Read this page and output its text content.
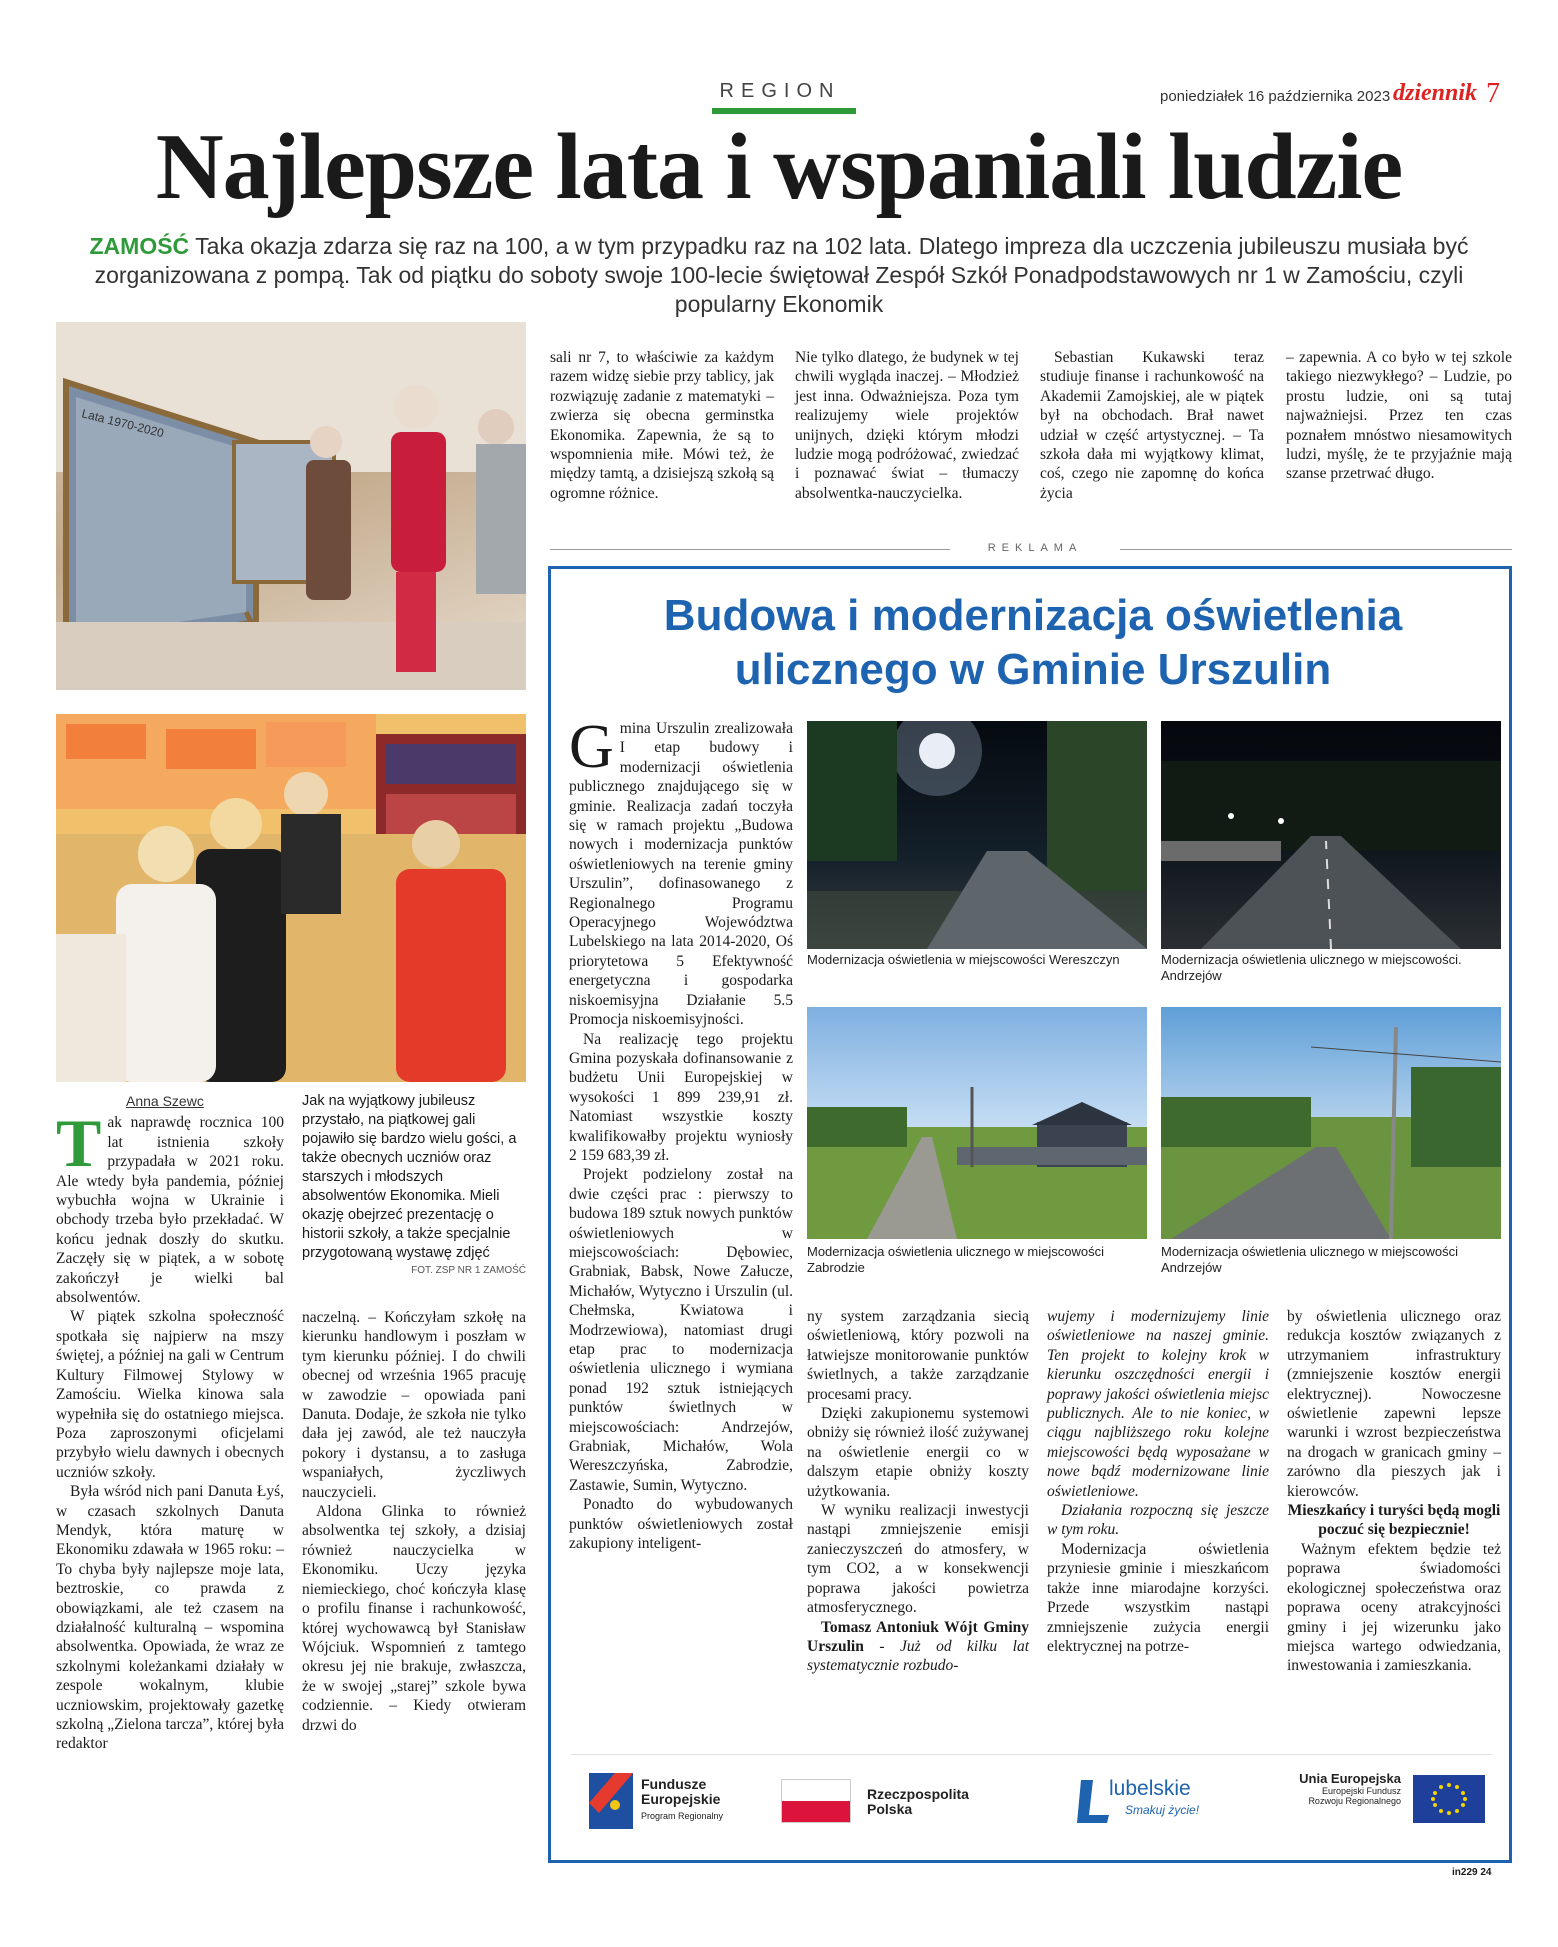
REGION	poniedziałek 16 października 2023 dziennik 7
Najlepsze lata i wspaniali ludzie
ZAMOŚĆ Taka okazja zdarza się raz na 100, a w tym przypadku raz na 102 lata. Dlatego impreza dla uczczenia jubileuszu musiała być zorganizowana z pompą. Tak od piątku do soboty swoje 100-lecie świętował Zespół Szkół Ponadpodstawowych nr 1 w Zamościu, czyli popularny Ekonomik
Lata 1970-2020
Anna Szewc

Tak naprawdę rocznica 100 lat istnienia szkoły przypadała w 2021 roku. Ale wtedy była pandemia, później wybuchła wojna w Ukrainie i obchody trzeba było przekładać. W końcu jednak doszły do skutku. Zaczęły się w piątek, a w sobotę zakończył je wielki bal absolwentów.

W piątek szkolna społeczność spotkała się najpierw na mszy świętej, a później na gali w Centrum Kultury Filmowej Stylowy w Zamościu. Wielka kinowa sala wypełniła się do ostatniego miejsca. Poza zaproszonymi oficjelami przybyło wielu dawnych i obecnych uczniów szkoły.

Była wśród nich pani Danuta Łyś, w czasach szkolnych Danuta Mendyk, która maturę w Ekonomiku zdawała w 1965 roku: – To chyba były najlepsze moje lata, beztroskie, co prawda z obowiązkami, ale też czasem na działalność kulturalną – wspomina absolwentka. Opowiada, że wraz ze szkolnymi koleżankami działały w zespole wokalnym, klubie uczniowskim, projektowały gazetkę szkolną „Zielona tarcza”, której była redaktor

Jak na wyjątkowy jubileusz przystało, na piątkowej gali pojawiło się bardzo wielu gości, a także obecnych uczniów oraz starszych i młodszych absolwentów Ekonomika. Mieli okazję obejrzeć prezentację o historii szkoły, a także specjalnie przygotowaną wystawę zdjęć
FOT. ZSP NR 1 ZAMOŚĆ

naczelną. – Kończyłam szkołę na kierunku handlowym i poszłam w tym kierunku później. I do chwili obecnej od września 1965 pracuję w zawodzie – opowiada pani Danuta. Dodaje, że szkoła nie tylko dała jej zawód, ale też nauczyła pokory i dystansu, a to zasługa wspaniałych, życzliwych nauczycieli.

Aldona Glinka to również absolwentka tej szkoły, a dzisiaj również nauczycielka w Ekonomiku. Uczy języka niemieckiego, choć kończyła klasę o profilu finanse i rachunkowość, której wychowawcą był Stanisław Wójciuk. Wspomnień z tamtego okresu jej nie brakuje, zwłaszcza, że w swojej „starej” szkole bywa codziennie. – Kiedy otwieram drzwi do

sali nr 7, to właściwie za każdym razem widzę siebie przy tablicy, jak rozwiązuję zadanie z matematyki – zwierza się obecna germinstka Ekonomika. Zapewnia, że są to wspomnienia miłe. Mówi też, że między tamtą, a dzisiejszą szkołą są ogromne różnice.

Nie tylko dlatego, że budynek w tej chwili wygląda inaczej. – Młodzież jest inna. Odważniejsza. Poza tym realizujemy wiele projektów unijnych, dzięki którym młodzi ludzie mogą podróżować, zwiedzać i poznawać świat – tłumaczy absolwentka-nauczycielka.

Sebastian Kukawski teraz studiuje finanse i rachunkowość na Akademii Zamojskiej, ale w piątek był na obchodach. Brał nawet udział w część artystycznej. – Ta szkoła dała mi wyjątkowy klimat, coś, czego nie zapomnę do końca życia

– zapewnia. A co było w tej szkole takiego niezwykłego? – Ludzie, po prostu ludzie, oni są tutaj najważniejsi. Przez ten czas poznałem mnóstwo niesamowitych ludzi, myślę, że te przyjaźnie mają szanse przetrwać długo.

REKLAMA
Budowa i modernizacja oświetlenia ulicznego w Gminie Urszulin

Gmina Urszulin zrealizowała I etap budowy i modernizacji oświetlenia publicznego znajdującego się w gminie. Realizacja zadań toczyła się w ramach projektu „Budowa nowych i modernizacja punktów oświetleniowych na terenie gminy Urszulin”, dofinasowanego z Regionalnego Programu Operacyjnego Województwa Lubelskiego na lata 2014-2020, Oś priorytetowa 5 Efektywność energetyczna i gospodarka niskoemisyjna Działanie 5.5 Promocja niskoemisyjności.

Na realizację tego projektu Gmina pozyskała dofinansowanie z budżetu Unii Europejskiej w wysokości 1 899 239,91 zł. Natomiast wszystkie koszty kwalifikowałby projektu wyniosły 2 159 683,39 zł.

Projekt podzielony został na dwie części prac : pierwszy to budowa 189 sztuk nowych punktów oświetleniowych w miejscowościach: Dębowiec, Grabniak, Babsk, Nowe Załucze, Michałów, Wytyczno i Urszulin (ul. Chełmska, Kwiatowa i Modrzewiowa), natomiast drugi etap prac to modernizacja oświetlenia ulicznego i wymiana ponad 192 sztuk istniejących punktów świetlnych w miejscowościach: Andrzejów, Grabniak, Michałów, Wola Wereszczyńska, Zabrodzie, Zastawie, Sumin, Wytyczno.

Ponadto do wybudowanych punktów oświetleniowych został zakupiony inteligent-

Modernizacja oświetlenia w miejscowości Wereszczyn	Modernizacja oświetlenia ulicznego w miejscowości. Andrzejów
Modernizacja oświetlenia ulicznego w miejscowości Zabrodzie
Modernizacja oświetlenia ulicznego w miejscowości Andrzejów

ny system zarządzania siecią oświetleniową, który pozwoli na łatwiejsze monitorowanie punktów świetlnych, a także zarządzanie procesami pracy.

Dzięki zakupionemu systemowi obniży się również ilość zużywanej na oświetlenie energii co w dalszym etapie obniży koszty użytkowania.

W wyniku realizacji inwestycji nastąpi zmniejszenie emisji zanieczyszczeń do atmosfery, w tym CO2, a w konsekwencji poprawa jakości powietrza atmosferycznego.

Tomasz Antoniuk Wójt Gminy Urszulin - Już od kilku lat systematycznie rozbudo-

wujemy i modernizujemy linie oświetleniowe na naszej gminie. Ten projekt to kolejny krok w kierunku oszczędności energii i poprawy jakości oświetlenia miejsc publicznych. Ale to nie koniec, w ciągu najbliższego roku kolejne miejscowości będą wyposażane w nowe bądź modernizowane linie oświetleniowe.

Działania rozpoczną się jeszcze w tym roku.

Modernizacja oświetlenia przyniesie gminie i mieszkańcom także inne miarodajne korzyści. Przede wszystkim nastąpi zmniejszenie zużycia energii elektrycznej na potrze-

by oświetlenia ulicznego oraz redukcja kosztów związanych z utrzymaniem infrastruktury (zmniejszenie kosztów energii elektrycznej). Nowoczesne oświetlenie zapewni lepsze warunki i wzrost bezpieczeństwa na drogach w granicach gminy – zarówno dla pieszych jak i kierowców.

Mieszkańcy i turyści będą mogli poczuć się bezpiecznie!

Ważnym efektem będzie też poprawa świadomości ekologicznej społeczeństwa oraz poprawa oceny atrakcyjności gminy i jej wizerunku jako miejsca wartego odwiedzania, inwestowania i zamieszkania.

Fundusze
Europejskie
Program Regionalny
Rzeczpospolita
Polska
lubelskie
Smakuj życie!
Unia Europejska
Europejski Fundusz
Rozwoju Regionalnego
in229 24
